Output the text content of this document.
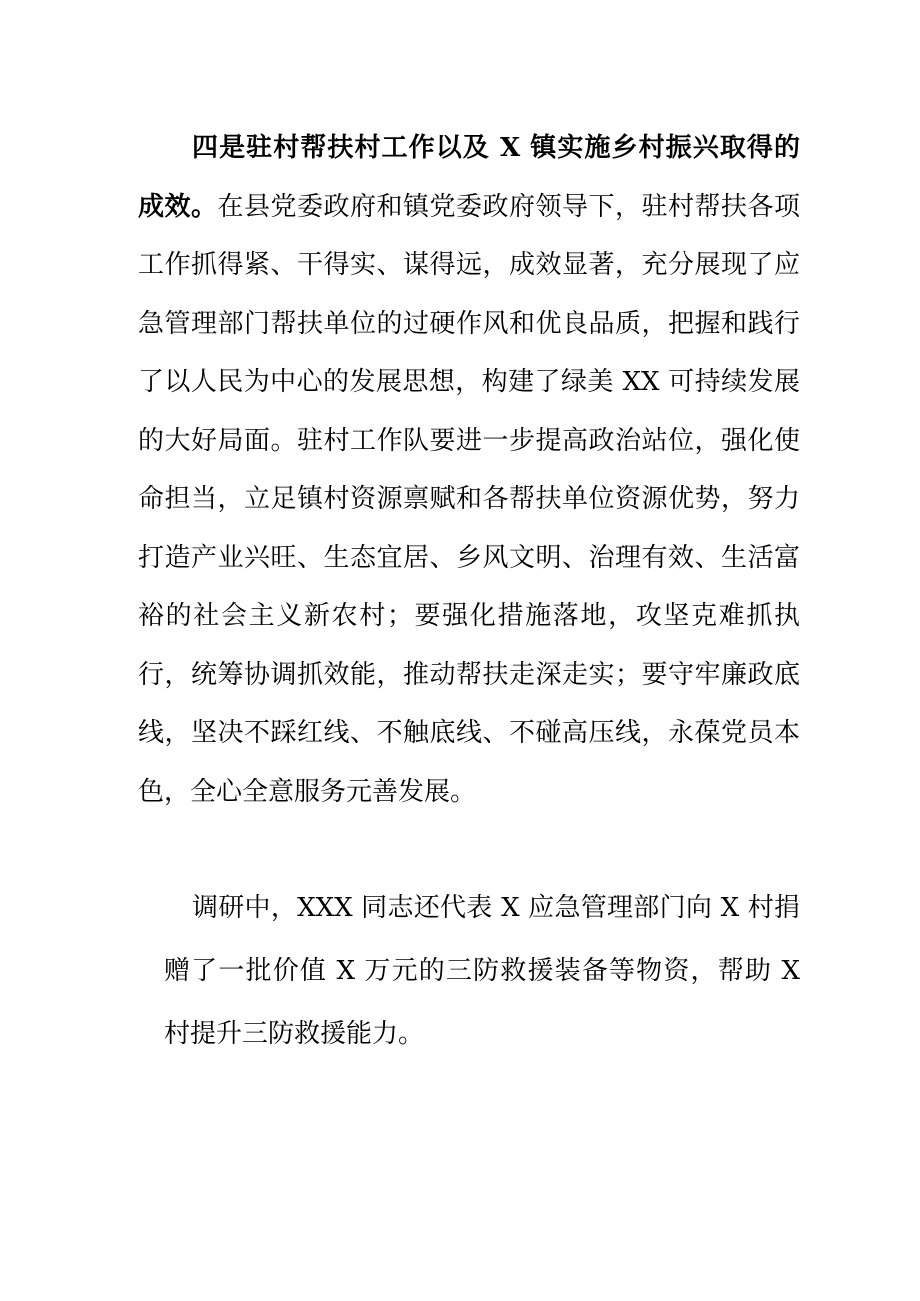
四是驻村帮扶村工作以及 X 镇实施乡村振兴取得的成效。在县党委政府和镇党委政府领导下，驻村帮扶各项工作抓得紧、干得实、谋得远，成效显著，充分展现了应急管理部门帮扶单位的过硬作风和优良品质，把握和践行了以人民为中心的发展思想，构建了绿美 XX 可持续发展的大好局面。驻村工作队要进一步提高政治站位，强化使命担当，立足镇村资源禀赋和各帮扶单位资源优势，努力打造产业兴旺、生态宜居、乡风文明、治理有效、生活富裕的社会主义新农村；要强化措施落地，攻坚克难抓执行，统筹协调抓效能，推动帮扶走深走实；要守牢廉政底线，坚决不踩红线、不触底线、不碰高压线，永葆党员本色，全心全意服务元善发展。

调研中，XXX 同志还代表 X 应急管理部门向 X 村捐赠了一批价值 X 万元的三防救援装备等物资，帮助 X 村提升三防救援能力。
